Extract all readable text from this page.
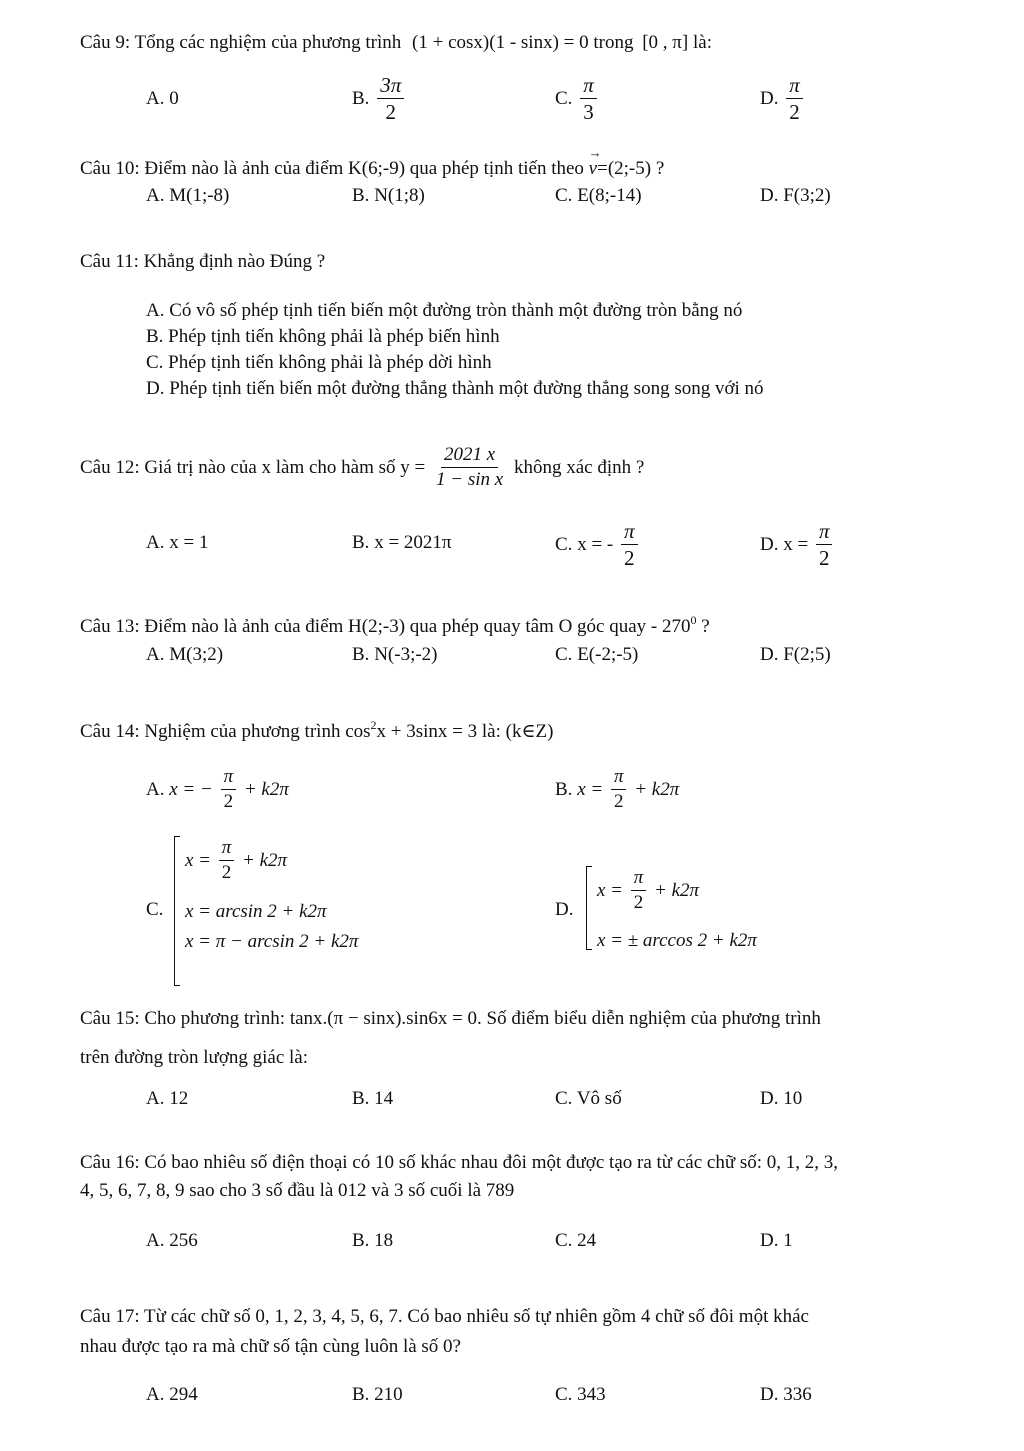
Câu 9: Tổng các nghiệm của phương trình (1 + cosx)(1 - sinx) = 0 trong [0 , π] là:
A. 0	B. $\frac{3\pi}{2}$	C. $\frac{\pi}{3}$	D. $\frac{\pi}{2}$
Câu 10: Điểm nào là ảnh của điểm K(6;-9) qua phép tịnh tiến theo → v=(2;-5) ?
A. M(1;-8)	B. N(1;8)	C. E(8;-14)	D. F(3;2)
Câu 11: Khẳng định nào Đúng ?
A. Có vô số phép tịnh tiến biến một đường tròn thành một đường tròn bằng nó
B. Phép tịnh tiến không phải là phép biến hình
C. Phép tịnh tiến không phải là phép dời hình
D. Phép tịnh tiến biến một đường thẳng thành một đường thẳng song song với nó
Câu 12: Giá trị nào của x làm cho hàm số $y = \frac{2021 x}{\text{1 − sin x}}$ không xác định ?
A. x = 1	B. x = 2021π	C. x = - $\frac{\pi}{2}$	D. $x = \frac{\pi}{2}$
Câu 13: Điểm nào là ảnh của điểm H(2;-3) qua phép quay tâm O góc quay - $270^0$ ?
A. M(3;2)	B. N(-3;-2)	C. E(-2;-5)	D. F(2;5)
Câu 14: Nghiệm của phương trình $\cos^2x + 3\sin x = 3$ là: (k∈Z)
A. x = − $\frac{\pi}{2} + k2\pi$	B. $x = \frac{\pi}{2} + k2\pi$
C.
$x = \frac{\pi}{2} + k2\pi$
x = arcsin 2 + k2π
x = π − arcsin 2 + k2π
D.
$x = \frac{\pi}{2} + k2\pi$
x = ± arccos 2 + k2π
Câu 15: Cho phương trình: tanx.(π − sinx).sin6x = 0. Số điểm biểu diễn nghiệm của phương trình
trên đường tròn lượng giác là:
A. 12	B. 14	C. Vô số	D. 10
Câu 16: Có bao nhiêu số điện thoại có 10 số khác nhau đôi một được tạo ra từ các chữ số: 0, 1, 2, 3,
4, 5, 6, 7, 8, 9 sao cho 3 số đầu là 012 và 3 số cuối là 789
A. 256	B. 18	C. 24	D. 1
Câu 17: Từ các chữ số 0, 1, 2, 3, 4, 5, 6, 7. Có bao nhiêu số tự nhiên gồm 4 chữ số đôi một khác
nhau được tạo ra mà chữ số tận cùng luôn là số 0?
A. 294	B. 210	C. 343	D. 336
